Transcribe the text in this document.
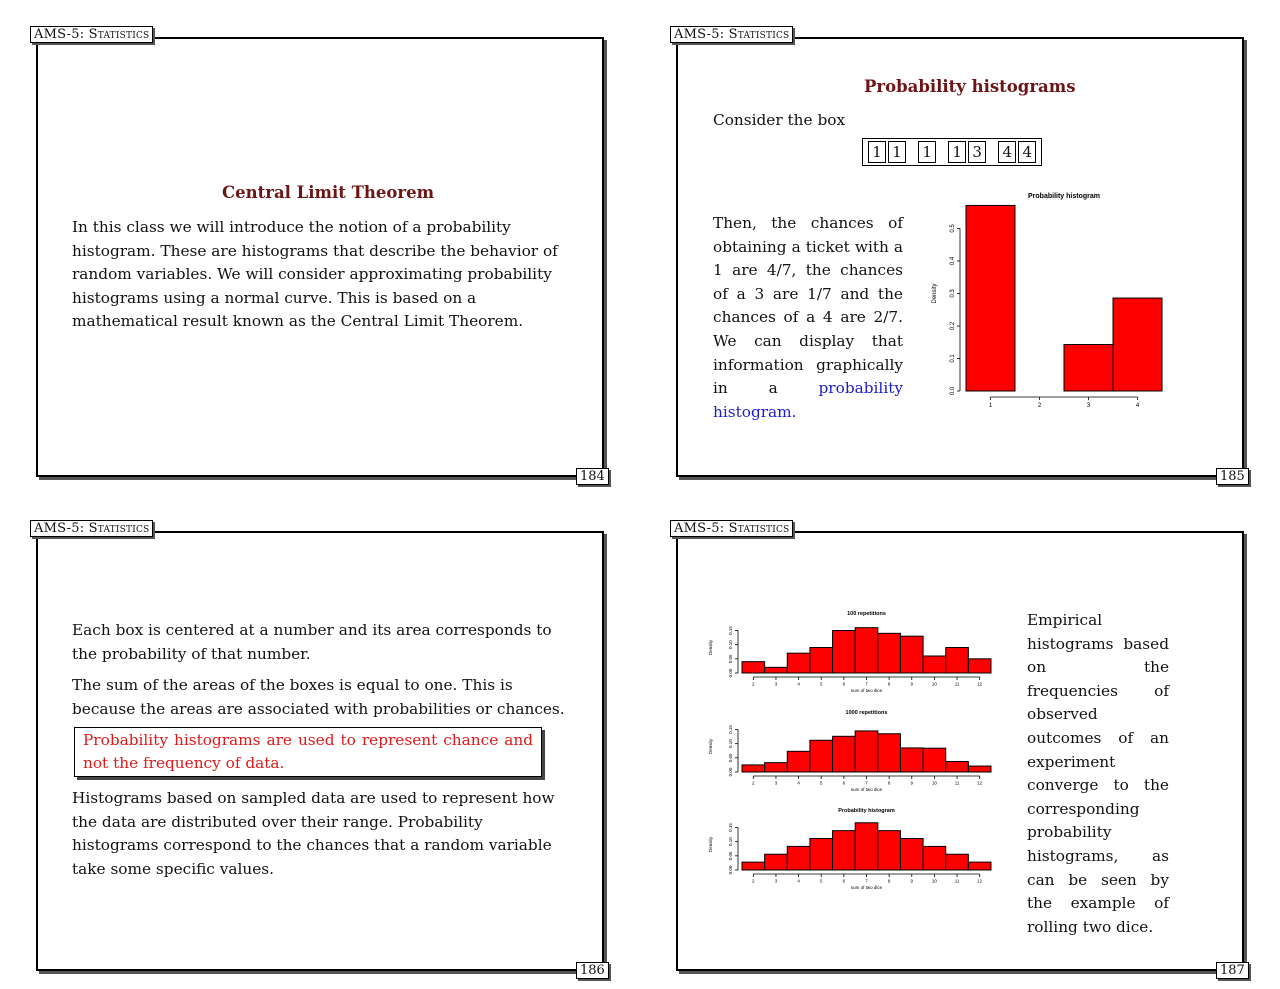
AMS-5: Statistics
184
Central Limit Theorem
In this class we will introduce the notion of a probability histogram. These are histograms that describe the behavior of random variables. We will consider approximating probability histograms using a normal curve. This is based on a mathematical result known as the Central Limit Theorem.
AMS-5: Statistics
185
Probability histograms
Consider the box
1 1 1 1 3 4 4
Then, the chances of obtaining a ticket with a 1 are 4/7, the chances of a 3 are 1/7 and the chances of a 4 are 2/7. We can display that information graphically in a probability histogram.
Probability histogram
0.0
0.1
0.2
0.3
0.4
0.5
Density
1	2	3	4
AMS-5: Statistics
186
Each box is centered at a number and its area corresponds to the probability of that number.
The sum of the areas of the boxes is equal to one. This is because the areas are associated with probabilities or chances.
Probability histograms are used to represent chance and not the frequency of data.
Histograms based on sampled data are used to represent how the data are distributed over their range. Probability histograms correspond to the chances that a random variable take some specific values.
AMS-5: Statistics
187
100 repetitions
0.00
0.05
0.10
0.15
Density
2	3	4	5	6	7	8	9	10	11	12
sum of two dice
1000 repetitions
0.00
0.05
0.10
0.15
Density
2	3	4	5	6	7	8	9	10	11	12
sum of two dice
Probability histogram
0.00
0.05
0.10
0.15
Density
2	3	4	5	6	7	8	9	10	11	12
sum of two dice
Empirical histograms based on the frequencies of observed outcomes of an experiment converge to the corresponding probability histograms, as can be seen by the example of rolling two dice.
